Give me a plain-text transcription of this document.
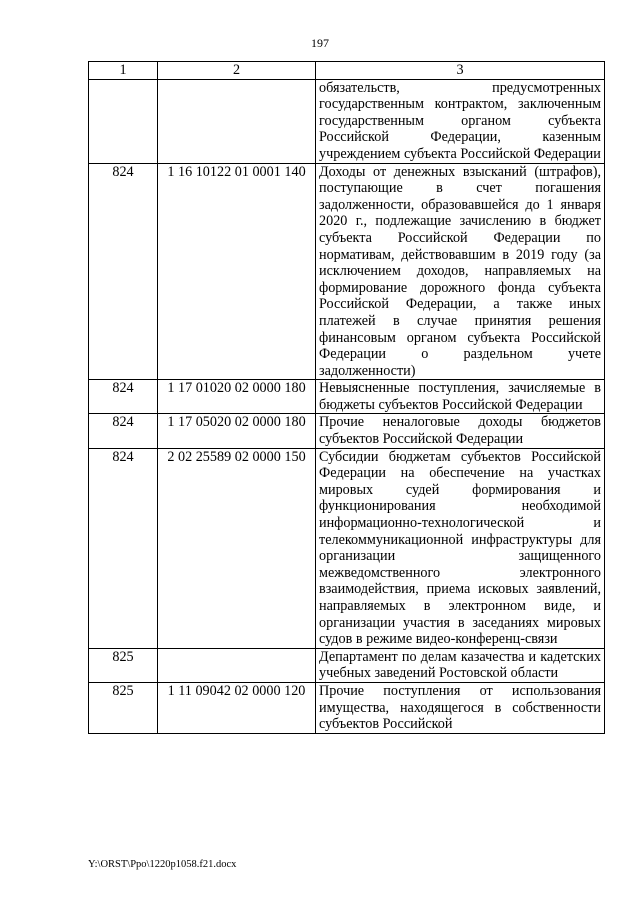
197
1	2	3
		обязательств, предусмотренных государственным контрактом, заключенным государственным органом субъекта Российской Федерации, казенным учреждением субъекта Российской Федерации
824	1 16 10122 01 0001 140	Доходы от денежных взысканий (штрафов), поступающие в счет погашения задолженности, образовавшейся до 1 января 2020 г., подлежащие зачислению в бюджет субъекта Российской Федерации по нормативам, действовавшим в 2019 году (за исключением доходов, направляемых на формирование дорожного фонда субъекта Российской Федерации, а также иных платежей в случае принятия решения финансовым органом субъекта Российской Федерации о раздельном учете задолженности)
824	1 17 01020 02 0000 180	Невыясненные поступления, зачисляемые в бюджеты субъектов Российской Федерации
824	1 17 05020 02 0000 180	Прочие неналоговые доходы бюджетов субъектов Российской Федерации
824	2 02 25589 02 0000 150	Субсидии бюджетам субъектов Российской Федерации на обеспечение на участках мировых судей формирования и функционирования необходимой информационно-технологической и телекоммуникационной инфраструктуры для организации защищенного межведомственного электронного взаимодействия, приема исковых заявлений, направляемых в электронном виде, и организации участия в заседаниях мировых судов в режиме видео-конференц-связи
825		Департамент по делам казачества и кадетских учебных заведений Ростовской области
825	1 11 09042 02 0000 120	Прочие поступления от использования имущества, находящегося в собственности субъектов Российской
Y:\ORST\Ppo\1220p1058.f21.docx
